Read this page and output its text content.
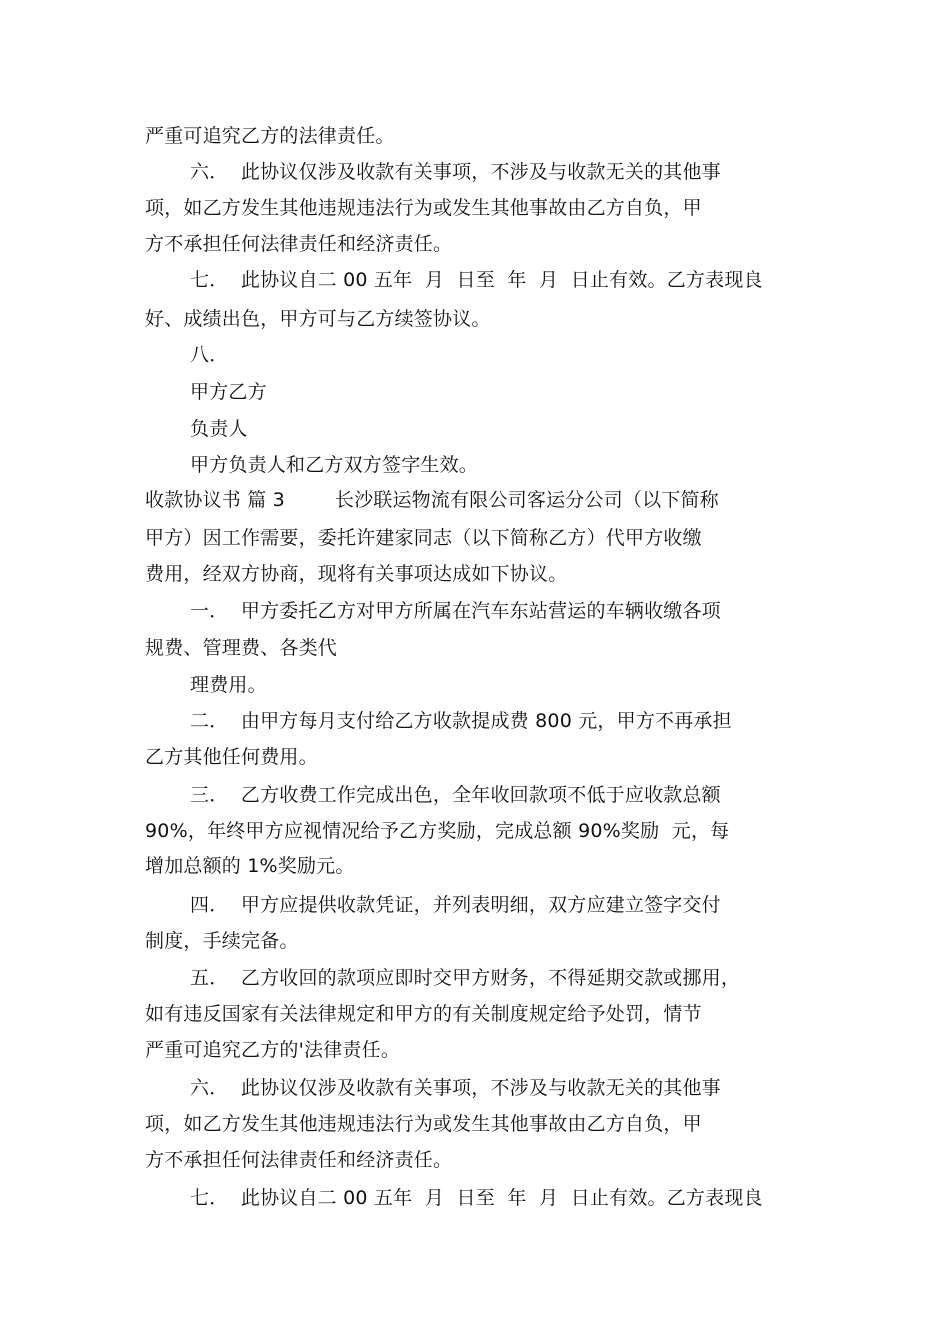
严重可追究乙方的法律责任。
六．  此协议仅涉及收款有关事项，不涉及与收款无关的其他事
项，如乙方发生其他违规违法行为或发生其他事故由乙方自负，甲
方不承担任何法律责任和经济责任。
七．  此协议自二 00 五年  月  日至  年  月  日止有效。乙方表现良
好、成绩出色，甲方可与乙方续签协议。
八．
甲方乙方
负责人
甲方负责人和乙方双方签字生效。
收款协议书 篇 3        长沙联运物流有限公司客运分公司（以下简称
甲方）因工作需要，委托许建家同志（以下简称乙方）代甲方收缴
费用，经双方协商，现将有关事项达成如下协议。
一．  甲方委托乙方对甲方所属在汽车东站营运的车辆收缴各项
规费、管理费、各类代
理费用。
二．  由甲方每月支付给乙方收款提成费 800 元，甲方不再承担
乙方其他任何费用。
三．  乙方收费工作完成出色，全年收回款项不低于应收款总额
90%，年终甲方应视情况给予乙方奖励，完成总额 90%奖励  元，每
增加总额的 1%奖励元。
四．  甲方应提供收款凭证，并列表明细，双方应建立签字交付
制度，手续完备。
五．  乙方收回的款项应即时交甲方财务，不得延期交款或挪用，
如有违反国家有关法律规定和甲方的有关制度规定给予处罚，情节
严重可追究乙方的'法律责任。
六．  此协议仅涉及收款有关事项，不涉及与收款无关的其他事
项，如乙方发生其他违规违法行为或发生其他事故由乙方自负，甲
方不承担任何法律责任和经济责任。
七．  此协议自二 00 五年  月  日至  年  月  日止有效。乙方表现良
